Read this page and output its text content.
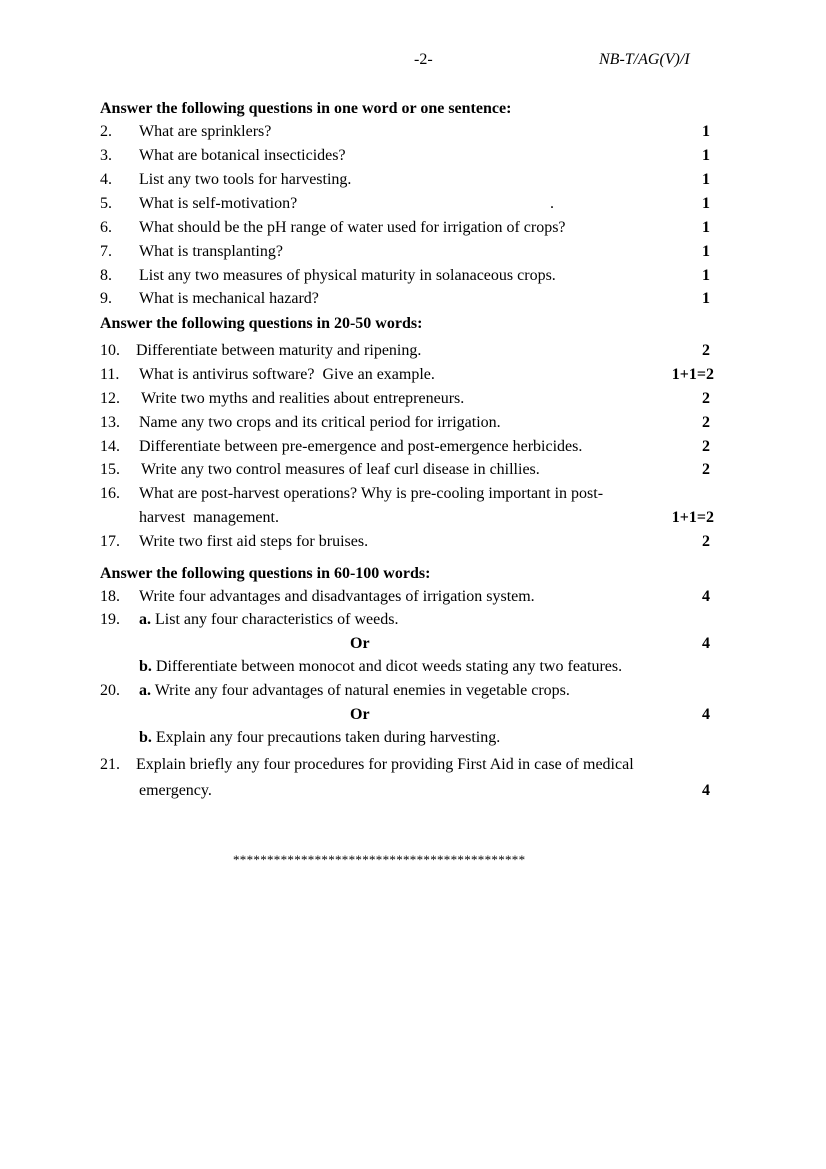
-2-	NB-T/AG(V)/I
Answer the following questions in one word or one sentence:
2. What are sprinklers?	1
3. What are botanical insecticides?	1
4. List any two tools for harvesting.	1
5. What is self-motivation?	.	1
6. What should be the pH range of water used for irrigation of crops?	1
7. What is transplanting?	1
8. List any two measures of physical maturity in solanaceous crops.	1
9. What is mechanical hazard?	1
Answer the following questions in 20-50 words:
10. Differentiate between maturity and ripening.	2
11. What is antivirus software?  Give an example.	1+1=2
12. Write two myths and realities about entrepreneurs.	2
13. Name any two crops and its critical period for irrigation.	2
14. Differentiate between pre-emergence and post-emergence herbicides.	2
15. Write any two control measures of leaf curl disease in chillies.	2
16. What are post-harvest operations? Why is pre-cooling important in post-
harvest  management.	1+1=2
17. Write two first aid steps for bruises.	2
Answer the following questions in 60-100 words:
18. Write four advantages and disadvantages of irrigation system.	4
19. a. List any four characteristics of weeds.
Or	4
b. Differentiate between monocot and dicot weeds stating any two features.
20. a. Write any four advantages of natural enemies in vegetable crops.
Or	4
b. Explain any four precautions taken during harvesting.
21. Explain briefly any four procedures for providing First Aid in case of medical
emergency.	4
*******************************************
